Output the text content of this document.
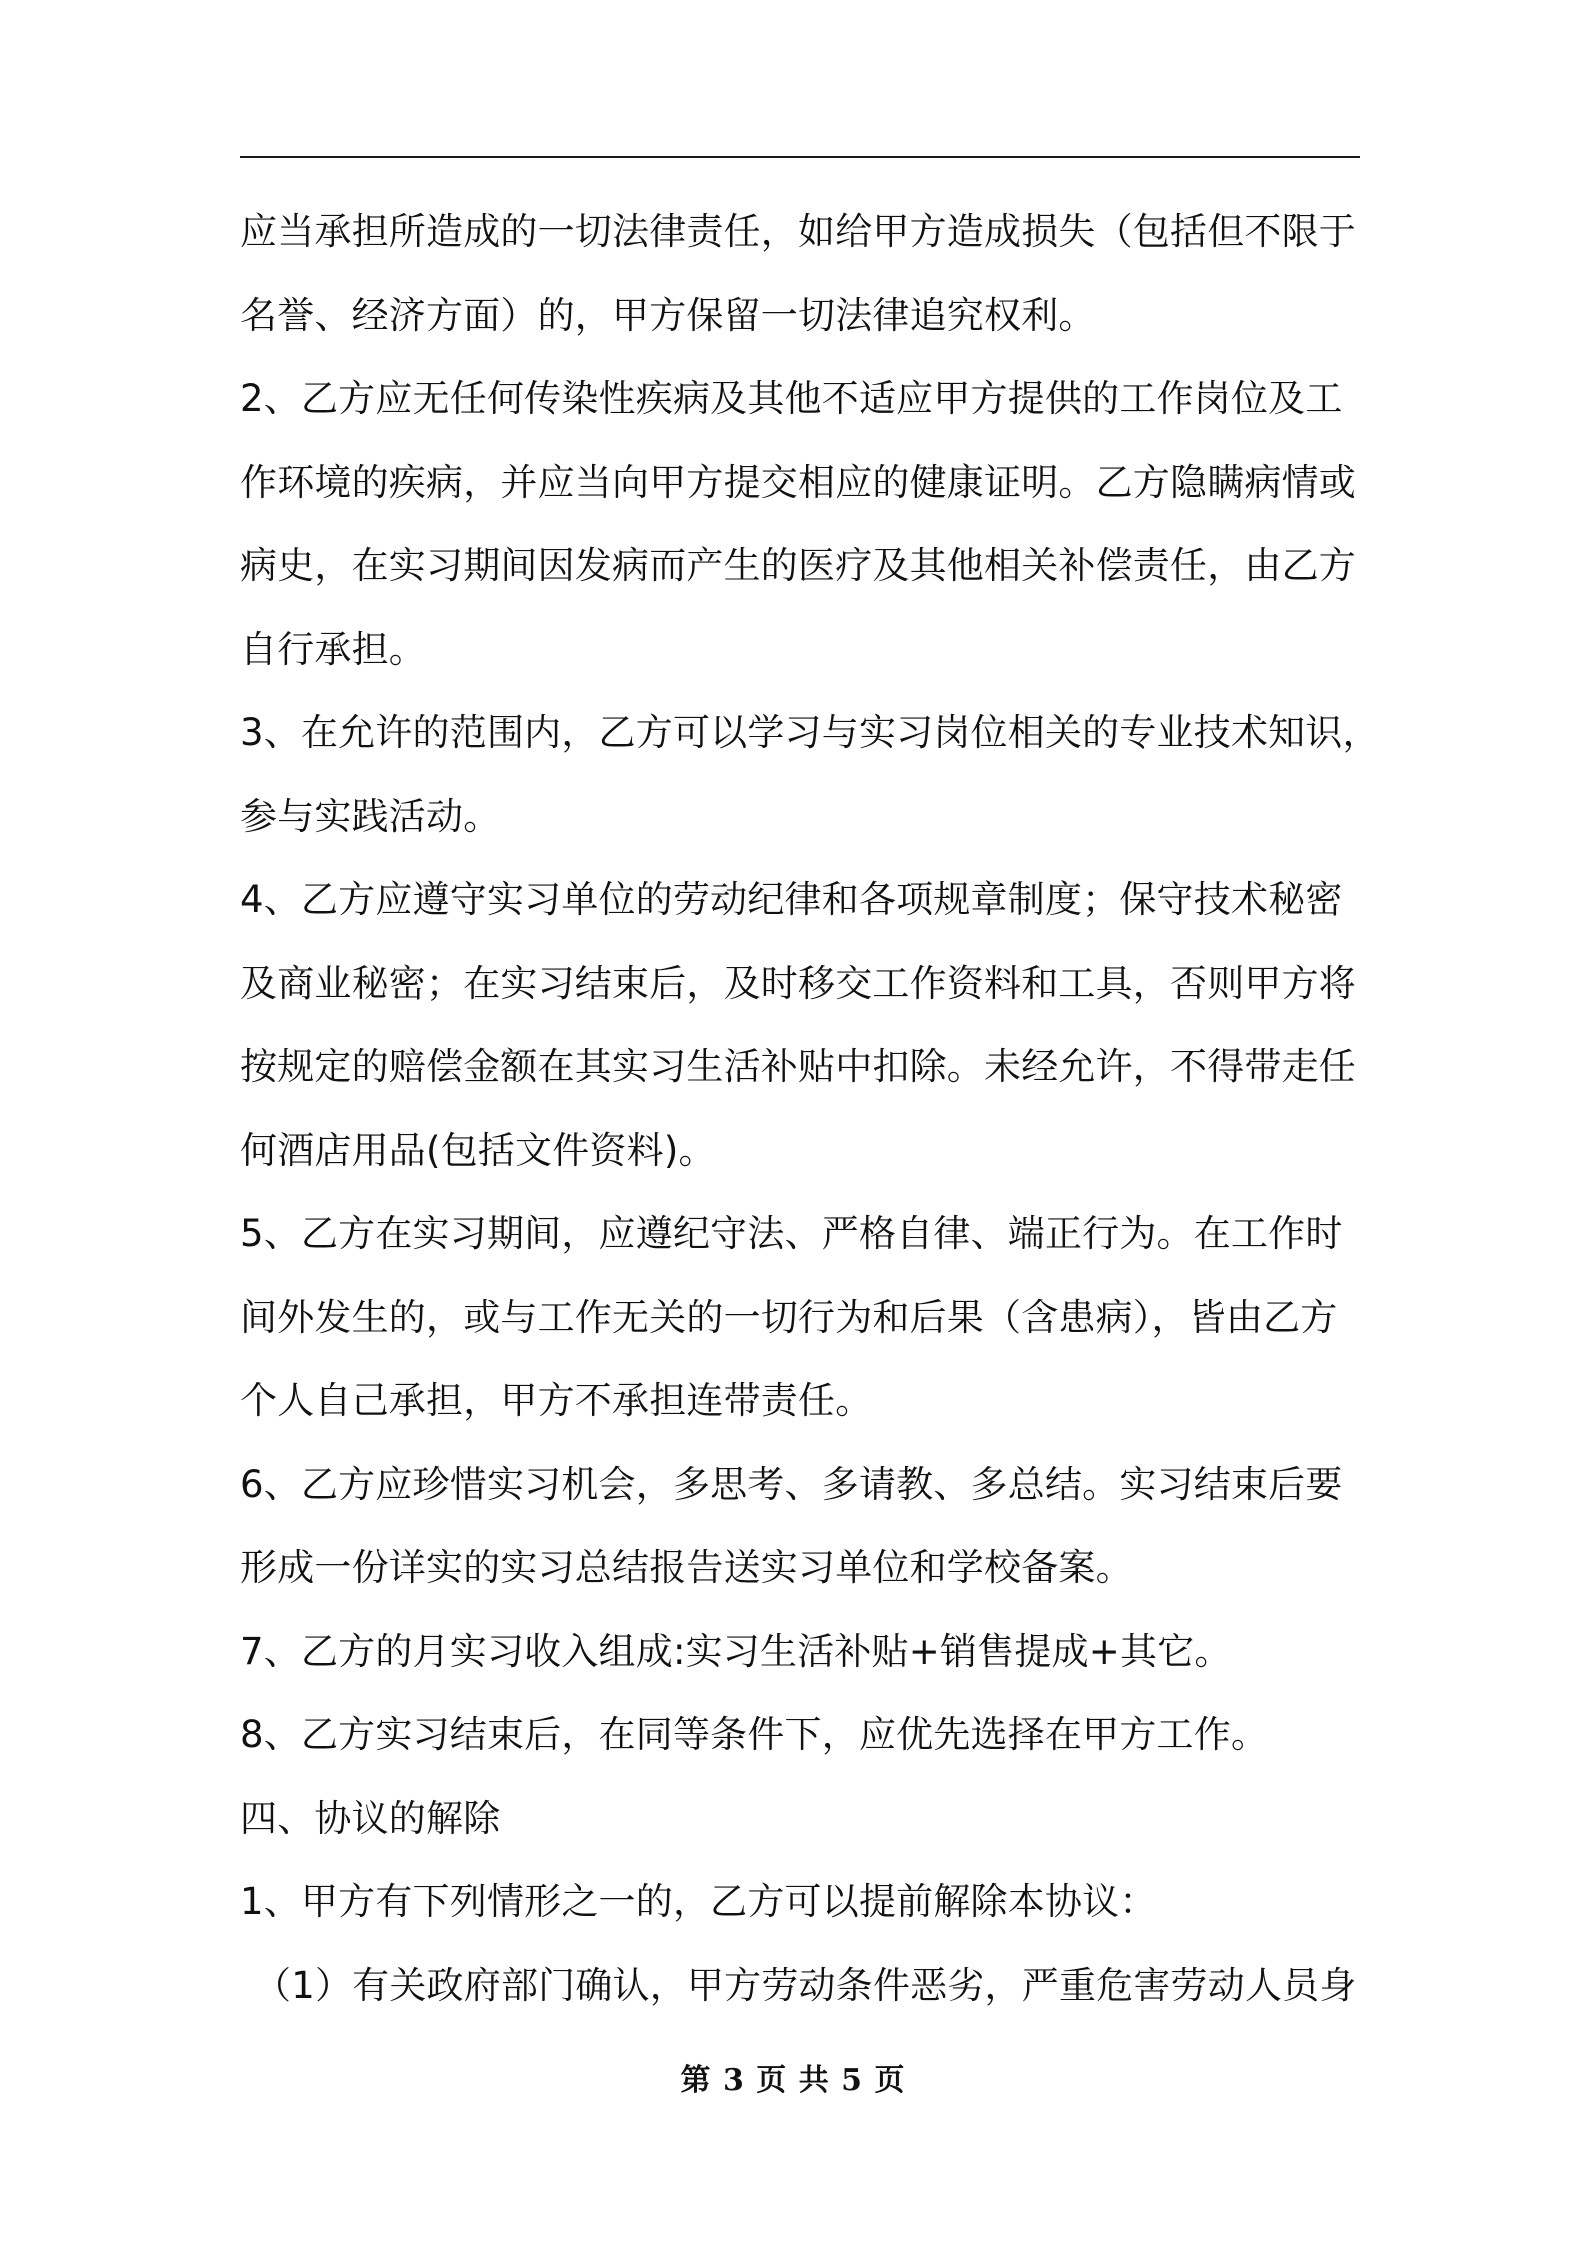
应当承担所造成的一切法律责任，如给甲方造成损失（包括但不限于
名誉、经济方面）的，甲方保留一切法律追究权利。
2、乙方应无任何传染性疾病及其他不适应甲方提供的工作岗位及工
作环境的疾病，并应当向甲方提交相应的健康证明。乙方隐瞒病情或
病史，在实习期间因发病而产生的医疗及其他相关补偿责任，由乙方
自行承担。
3、在允许的范围内，乙方可以学习与实习岗位相关的专业技术知识，
参与实践活动。
4、乙方应遵守实习单位的劳动纪律和各项规章制度；保守技术秘密
及商业秘密；在实习结束后，及时移交工作资料和工具，否则甲方将
按规定的赔偿金额在其实习生活补贴中扣除。未经允许，不得带走任
何酒店用品(包括文件资料)。
5、乙方在实习期间，应遵纪守法、严格自律、端正行为。在工作时
间外发生的，或与工作无关的一切行为和后果（含患病），皆由乙方
个人自己承担，甲方不承担连带责任。
6、乙方应珍惜实习机会，多思考、多请教、多总结。实习结束后要
形成一份详实的实习总结报告送实习单位和学校备案。
7、乙方的月实习收入组成:实习生活补贴+销售提成+其它。
8、乙方实习结束后，在同等条件下，应优先选择在甲方工作。
四、协议的解除
1、甲方有下列情形之一的，乙方可以提前解除本协议：
（1）有关政府部门确认，甲方劳动条件恶劣，严重危害劳动人员身
第 3 页 共 5 页
